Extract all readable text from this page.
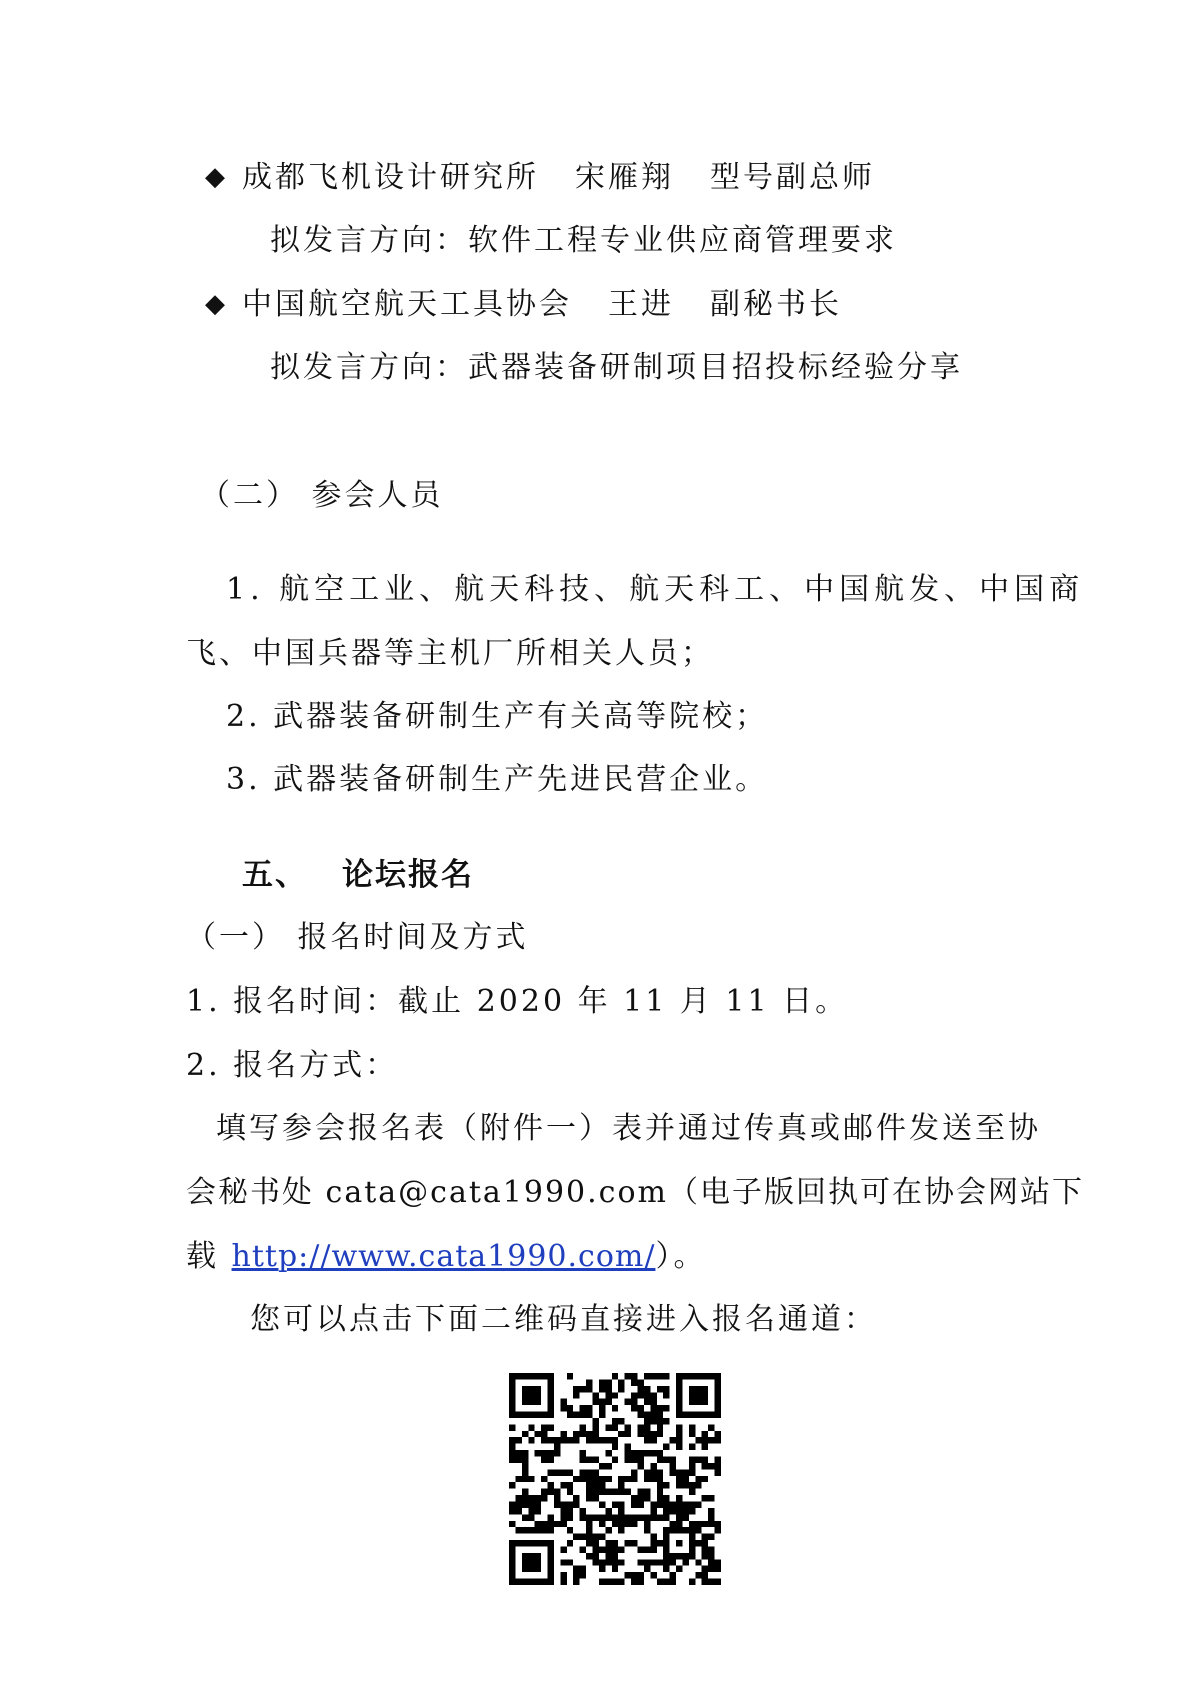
◆ 成都飞机设计研究所 宋雁翔 型号副总师
拟发言方向：软件工程专业供应商管理要求
◆ 中国航空航天工具协会 王进 副秘书长
拟发言方向：武器装备研制项目招投标经验分享
（二） 参会人员
1. 航空工业、航天科技、航天科工、中国航发、中国商
飞、中国兵器等主机厂所相关人员；
2. 武器装备研制生产有关高等院校；
3. 武器装备研制生产先进民营企业。
五、 论坛报名
（一） 报名时间及方式
1. 报名时间：截止 2020 年 11 月 11 日。
2. 报名方式：
填写参会报名表（附件一）表并通过传真或邮件发送至协
会秘书处 cata@cata1990.com（电子版回执可在协会网站下
载 http://www.cata1990.com/）。
您可以点击下面二维码直接进入报名通道：
